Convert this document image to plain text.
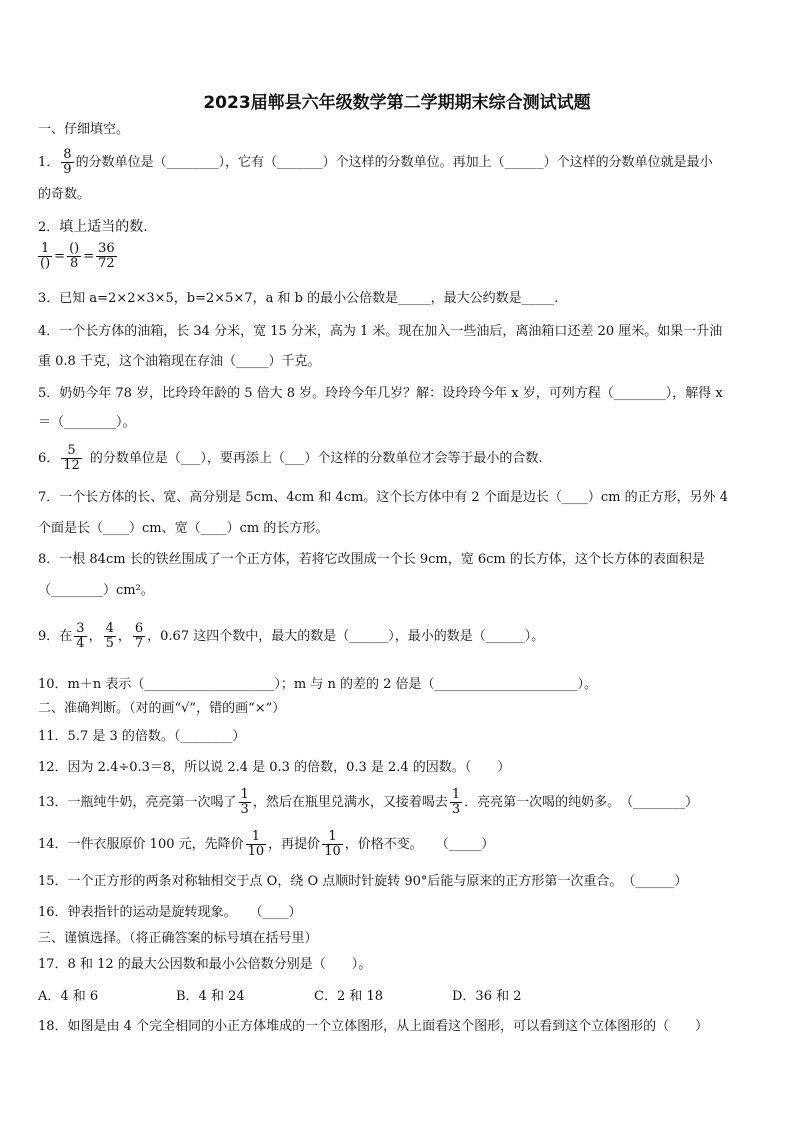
2023届郸县六年级数学第二学期期末综合测试试题
一、仔细填空。
1． $\frac{8}{9}$ 的分数单位是（________），它有（_______）个这样的分数单位。再加上（______）个这样的分数单位就是最小
的奇数。
2．填上适当的数.
$\frac{1}{()} = \frac{()}{8} = \frac{36}{72}$
3．已知 a=2×2×3×5，b=2×5×7，a 和 b 的最小公倍数是_____，最大公约数是_____.
4．一个长方体的油箱，长 34 分米，宽 15 分米，高为 1 米。现在加入一些油后，离油箱口还差 20 厘米。如果一升油
重 0.8 千克，这个油箱现在存油（_____）千克。
5．奶奶今年 78 岁，比玲玲年龄的 5 倍大 8 岁。玲玲今年几岁？解：设玲玲今年 x 岁，可列方程（________），解得 x
＝（________）。
6． $\frac{5}{12}$ 的分数单位是（___），要再添上（___）个这样的分数单位才会等于最小的合数.
7．一个长方体的长、宽、高分别是 5cm、4cm 和 4cm。这个长方体中有 2 个面是边长（____）cm 的正方形，另外 4
个面是长（____）cm、宽（____）cm 的长方形。
8．一根 84cm 长的铁丝围成了一个正方体，若将它改围成一个长 9cm，宽 6cm 的长方体，这个长方体的表面积是
（________）cm²。
9．在 $\frac{3}{4}$ ， $\frac{4}{5}$ ， $\frac{6}{7}$ ，0.67 这四个数中，最大的数是（______），最小的数是（______）。
10．m＋n 表示（____________________）；m 与 n 的差的 2 倍是（______________________）。
二、准确判断。（对的画“√”，错的画“×”）
11．5.7 是 3 的倍数。（________）
12．因为 2.4÷0.3＝8，所以说 2.4 是 0.3 的倍数，0.3 是 2.4 的因数。（　　）
13．一瓶纯牛奶，亮亮第一次喝了 $\frac{1}{3}$ ，然后在瓶里兑满水，又接着喝去 $\frac{1}{3}$ ．亮亮第一次喝的纯奶多。　（________）
14．一件衣服原价 100 元，先降价 $\frac{1}{10}$ ，再提价 $\frac{1}{10}$ ，价格不变。　　（_____）
15．一个正方形的两条对称轴相交于点 O，绕 O 点顺时针旋转 90°后能与原来的正方形第一次重合。　（______）
16．钟表指针的运动是旋转现象。　　（____）
三、谨慎选择。（将正确答案的标号填在括号里）
17．8 和 12 的最大公因数和最小公倍数分别是（　　）。
A．4 和 6	B．4 和 24	C．2 和 18	D．36 和 2
18．如图是由 4 个完全相同的小正方体堆成的一个立体图形，从上面看这个图形，可以看到这个立体图形的（　　）
